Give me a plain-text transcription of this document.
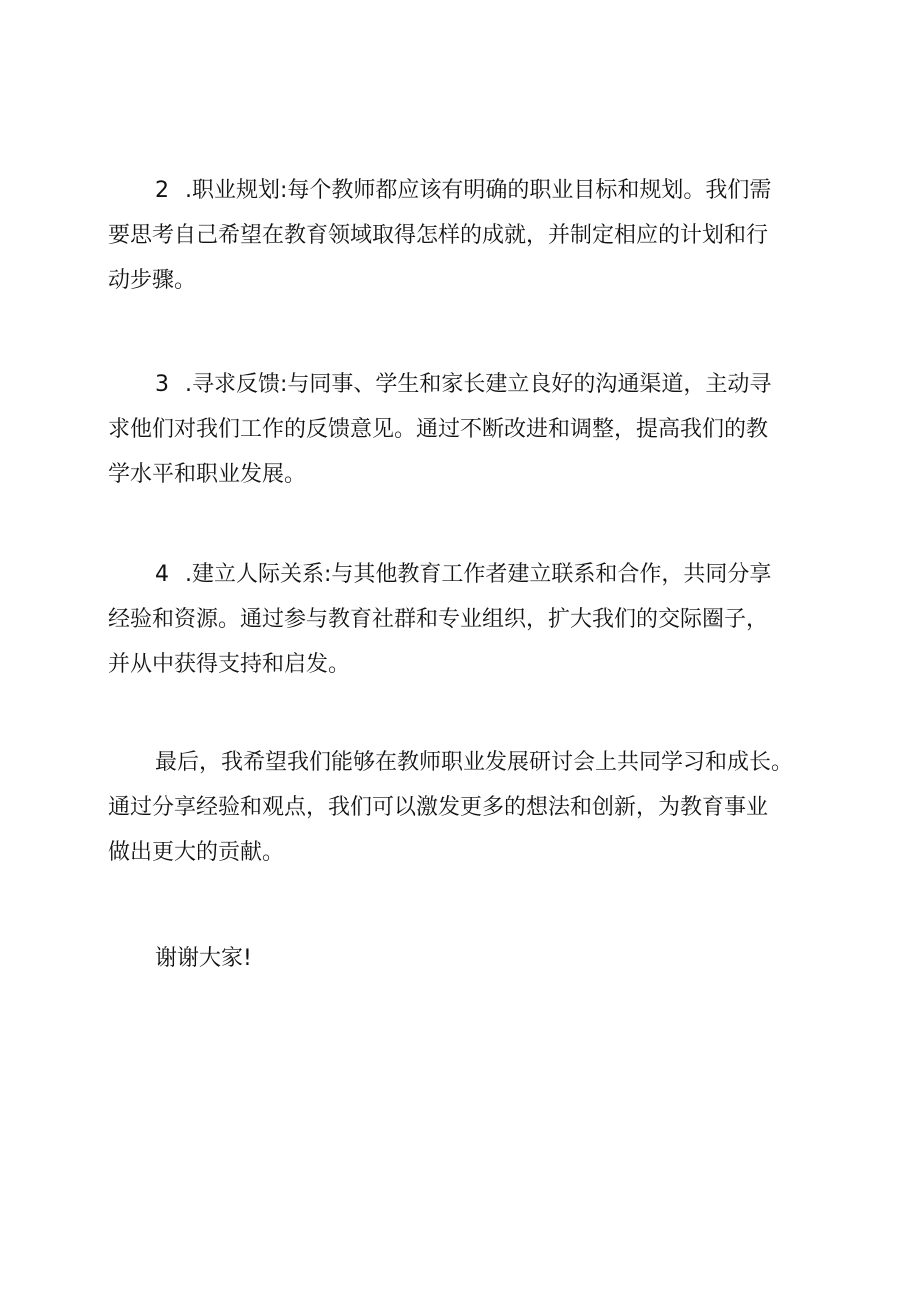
2 .职业规划:每个教师都应该有明确的职业目标和规划。我们需
要思考自己希望在教育领域取得怎样的成就，并制定相应的计划和行
动步骤。

3 .寻求反馈:与同事、学生和家长建立良好的沟通渠道，主动寻
求他们对我们工作的反馈意见。通过不断改进和调整，提高我们的教
学水平和职业发展。

4 .建立人际关系:与其他教育工作者建立联系和合作，共同分享
经验和资源。通过参与教育社群和专业组织，扩大我们的交际圈子，
并从中获得支持和启发。

最后，我希望我们能够在教师职业发展研讨会上共同学习和成长。
通过分享经验和观点，我们可以激发更多的想法和创新，为教育事业
做出更大的贡献。

谢谢大家!
